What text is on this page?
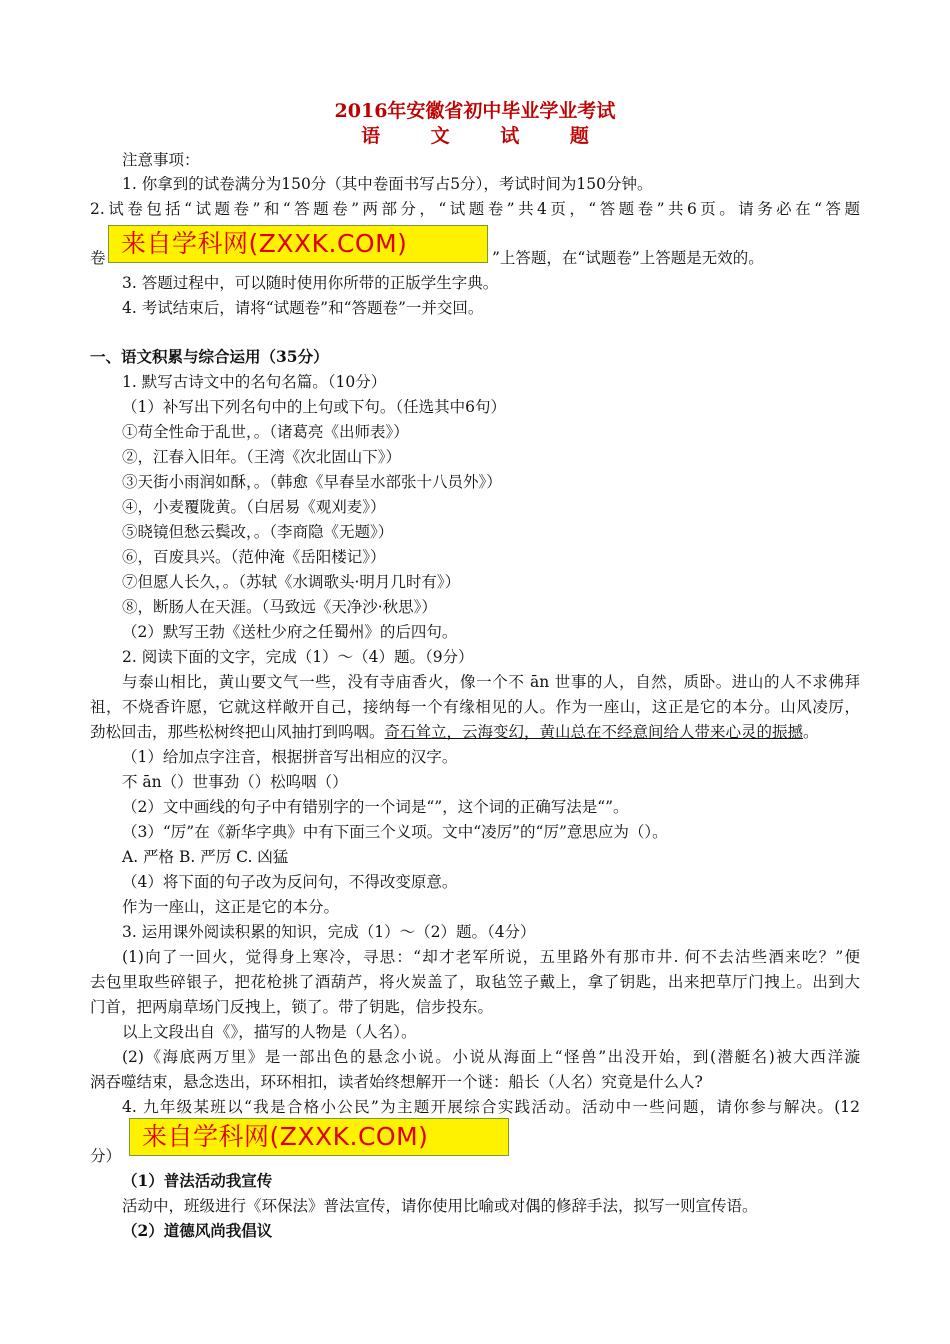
2016年安徽省初中毕业学业考试
语 文 试 题
注意事项：
1. 你拿到的试卷满分为150分（其中卷面书写占5分），考试时间为150分钟。
2.试卷包括“试题卷”和“答题卷”两部分，“试题卷”共4页，“答题卷”共6页。请务必在“答题
卷	”上答题，在“试题卷”上答题是无效的。
3. 答题过程中，可以随时使用你所带的正版学生字典。
4. 考试结束后，请将“试题卷”和“答题卷”一并交回。
来自学科网(ZXXK.COM)
一、语文积累与综合运用（35分）
1. 默写古诗文中的名句名篇。（10分）
（1）补写出下列名句中的上句或下句。（任选其中6句）
①苟全性命于乱世，。（诸葛亮《出师表》）
②，江春入旧年。（王湾《次北固山下》）
③天街小雨润如酥，。（韩愈《早春呈水部张十八员外》）
④，小麦覆陇黄。（白居易《观刈麦》）
⑤晓镜但愁云鬓改，。（李商隐《无题》）
⑥，百废具兴。（范仲淹《岳阳楼记》）
⑦但愿人长久，。（苏轼《水调歌头·明月几时有》）
⑧，断肠人在天涯。（马致远《天净沙·秋思》）
（2）默写王勃《送杜少府之任蜀州》的后四句。
2. 阅读下面的文字，完成（1）～（4）题。（9分）
与泰山相比，黄山要文气一些，没有寺庙香火，像一个不 ān 世事的人，自然，质卧。进山的人不求佛拜
祖，不烧香许愿，它就这样敞开自己，接纳每一个有缘相见的人。作为一座山，这正是它的本分。山风凌厉，
劲松回击，那些松树终把山风抽打到呜咽。奇石耸立，云海变幻，黄山总在不经意间给人带来心灵的振撼。
（1）给加点字注音，根据拼音写出相应的汉字。
不 ān（）世事劲（）松呜咽（）
（2）文中画线的句子中有错别字的一个词是“”，这个词的正确写法是“”。
（3）“厉”在《新华字典》中有下面三个义项。文中“凌厉”的“厉”意思应为（）。
A. 严格 B. 严厉 C. 凶猛
（4）将下面的句子改为反问句，不得改变原意。
作为一座山，这正是它的本分。
3. 运用课外阅读积累的知识，完成（1）～（2）题。（4分）
(1)向了一回火，觉得身上寒冷，寻思：“却才老军所说，五里路外有那市井. 何不去沽些酒来吃？”便
去包里取些碎银子，把花枪挑了酒葫芦，将火炭盖了，取毡笠子戴上，拿了钥匙，出来把草厅门拽上。出到大
门首，把两扇草场门反拽上，锁了。带了钥匙，信步投东。
以上文段出自《》，描写的人物是（人名）。
(2)《海底两万里》是一部出色的悬念小说。小说从海面上“怪兽”出没开始，到(潜艇名)被大西洋漩
涡吞噬结束，悬念迭出，环环相扣，读者始终想解开一个谜：船长（人名）究竟是什么人?
4. 九年级某班以“我是合格小公民”为主题开展综合实践活动。活动中一些问题，请你参与解决。(12
分）
来自学科网(ZXXK.COM)
（1）普法活动我宣传
活动中，班级进行《环保法》普法宣传，请你使用比喻或对偶的修辞手法，拟写一则宣传语。
（2）道德风尚我倡议
